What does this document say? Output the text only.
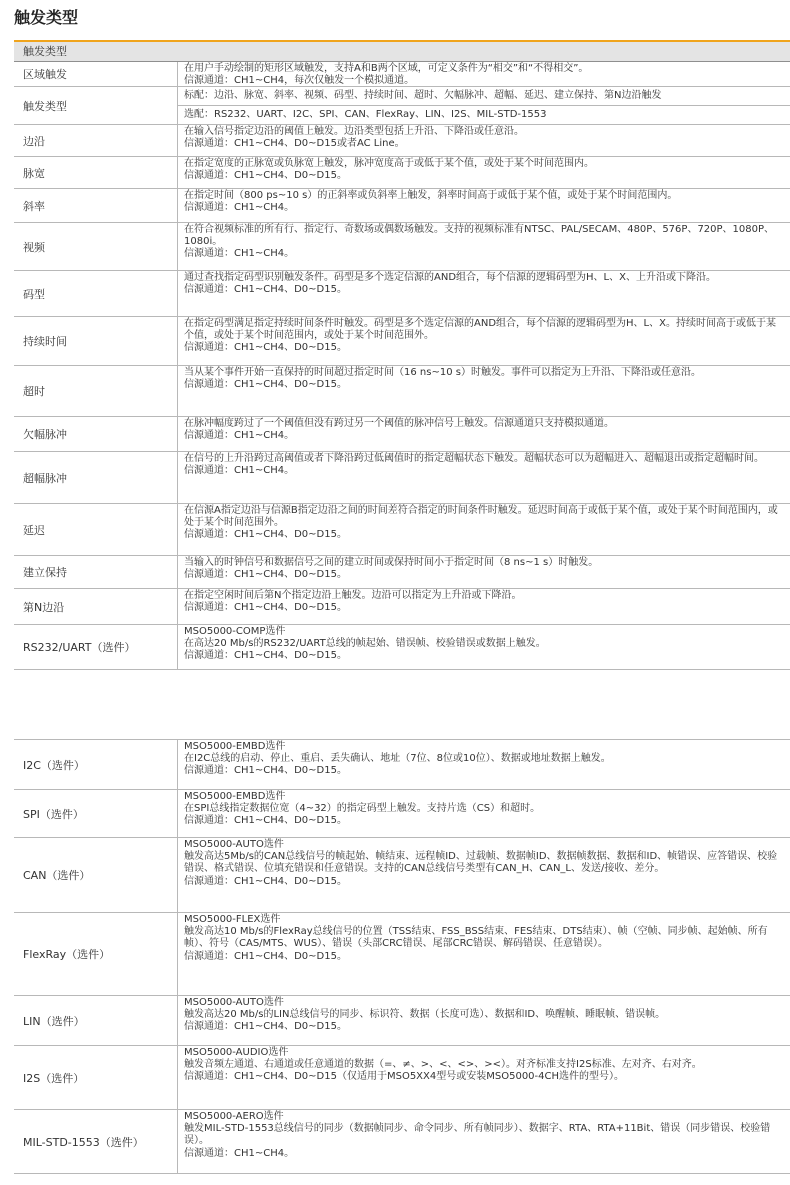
触发类型
触发类型
区域触发	在用户手动绘制的矩形区域触发，支持A和B两个区域，可定义条件为“相交”和“不得相交”。
信源通道：CH1~CH4，每次仅触发一个模拟通道。
触发类型
标配：边沿、脉宽、斜率、视频、码型、持续时间、超时、欠幅脉冲、超幅、延迟、建立保持、第N边沿触发
选配：RS232、UART、I2C、SPI、CAN、FlexRay、LIN、I2S、MIL-STD-1553
边沿
在输入信号指定边沿的阈值上触发。边沿类型包括上升沿、下降沿或任意沿。
信源通道：CH1~CH4、D0~D15或者AC Line。
脉宽
在指定宽度的正脉宽或负脉宽上触发，脉冲宽度高于或低于某个值，或处于某个时间范围内。
信源通道：CH1~CH4、D0~D15。
斜率
在指定时间（800 ps~10 s）的正斜率或负斜率上触发，斜率时间高于或低于某个值，或处于某个时间范围内。
信源通道：CH1~CH4。
视频
在符合视频标准的所有行、指定行、奇数场或偶数场触发。支持的视频标准有NTSC、PAL/SECAM、480P、576P、720P、1080P、1080i。
信源通道：CH1~CH4。
码型
通过查找指定码型识别触发条件。码型是多个选定信源的AND组合，每个信源的逻辑码型为H、L、X、上升沿或下降沿。
信源通道：CH1~CH4、D0~D15。
持续时间
在指定码型满足指定持续时间条件时触发。码型是多个选定信源的AND组合，每个信源的逻辑码型为H、L、X。持续时间高于或低于某个值，或处于某个时间范围内，或处于某个时间范围外。
信源通道：CH1~CH4、D0~D15。
超时
当从某个事件开始一直保持的时间超过指定时间（16 ns~10 s）时触发。事件可以指定为上升沿、下降沿或任意沿。
信源通道：CH1~CH4、D0~D15。
欠幅脉冲
在脉冲幅度跨过了一个阈值但没有跨过另一个阈值的脉冲信号上触发。信源通道只支持模拟通道。
信源通道：CH1~CH4。
超幅脉冲
在信号的上升沿跨过高阈值或者下降沿跨过低阈值时的指定超幅状态下触发。超幅状态可以为超幅进入、超幅退出或指定超幅时间。
信源通道：CH1~CH4。
延迟
在信源A指定边沿与信源B指定边沿之间的时间差符合指定的时间条件时触发。延迟时间高于或低于某个值，或处于某个时间范围内，或处于某个时间范围外。
信源通道：CH1~CH4、D0~D15。
建立保持
当输入的时钟信号和数据信号之间的建立时间或保持时间小于指定时间（8 ns~1 s）时触发。
信源通道：CH1~CH4、D0~D15。
第N边沿
在指定空闲时间后第N个指定边沿上触发。边沿可以指定为上升沿或下降沿。
信源通道：CH1~CH4、D0~D15。
RS232/UART（选件）
MSO5000-COMP选件
在高达20 Mb/s的RS232/UART总线的帧起始、错误帧、校验错误或数据上触发。
信源通道：CH1~CH4、D0~D15。
I2C（选件）
MSO5000-EMBD选件
在I2C总线的启动、停止、重启、丢失确认、地址（7位、8位或10位）、数据或地址数据上触发。
信源通道：CH1~CH4、D0~D15。
SPI（选件）
MSO5000-EMBD选件
在SPI总线指定数据位宽（4~32）的指定码型上触发。支持片选（CS）和超时。
信源通道：CH1~CH4、D0~D15。
CAN（选件）
MSO5000-AUTO选件
触发高达5Mb/s的CAN总线信号的帧起始、帧结束、远程帧ID、过载帧、数据帧ID、数据帧数据、数据和ID、帧错误、应答错误、校验错误、格式错误、位填充错误和任意错误。支持的CAN总线信号类型有CAN_H、CAN_L、发送/接收、差分。
信源通道：CH1~CH4、D0~D15。
FlexRay（选件）
MSO5000-FLEX选件
触发高达10 Mb/s的FlexRay总线信号的位置（TSS结束、FSS_BSS结束、FES结束、DTS结束）、帧（空帧、同步帧、起始帧、所有帧）、符号（CAS/MTS、WUS）、错误（头部CRC错误、尾部CRC错误、解码错误、任意错误）。
信源通道：CH1~CH4、D0~D15。
LIN（选件）
MSO5000-AUTO选件
触发高达20 Mb/s的LIN总线信号的同步、标识符、数据（长度可选）、数据和ID、唤醒帧、睡眠帧、错误帧。
信源通道：CH1~CH4、D0~D15。
I2S（选件）
MSO5000-AUDIO选件
触发音频左通道、右通道或任意通道的数据（=、≠、>、<、<>、><）。对齐标准支持I2S标准、左对齐、右对齐。
信源通道：CH1~CH4、D0~D15（仅适用于MSO5XX4型号或安装MSO5000-4CH选件的型号）。
MIL-STD-1553（选件）
MSO5000-AERO选件
触发MIL-STD-1553总线信号的同步（数据帧同步、命令同步、所有帧同步）、数据字、RTA、RTA+11Bit、错误（同步错误、校验错误）。
信源通道：CH1~CH4。
